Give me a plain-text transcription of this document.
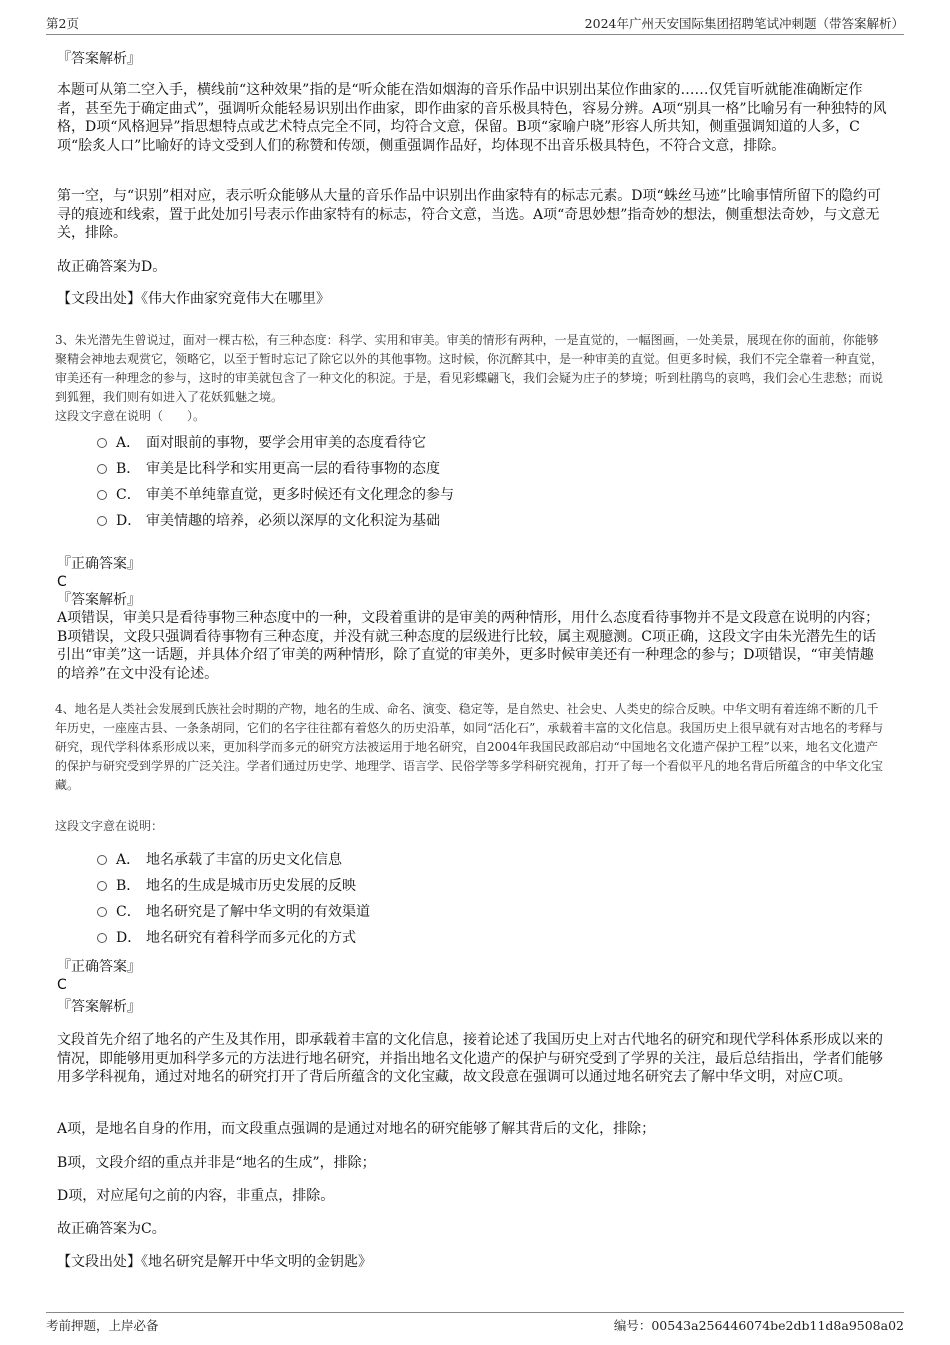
第2页	2024年广州天安国际集团招聘笔试冲刺题（带答案解析）

『答案解析』

本题可从第二空入手，横线前“这种效果”指的是“听众能在浩如烟海的音乐作品中识别出某位作曲家的……仅凭盲听就能准确断定作者，甚至先于确定曲式”，强调听众能轻易识别出作曲家，即作曲家的音乐极具特色，容易分辨。A项“别具一格”比喻另有一种独特的风格，D项“风格迥异”指思想特点或艺术特点完全不同，均符合文意，保留。B项“家喻户晓”形容人所共知，侧重强调知道的人多，C项“脍炙人口”比喻好的诗文受到人们的称赞和传颂，侧重强调作品好，均体现不出音乐极具特色，不符合文意，排除。

第一空，与“识别”相对应，表示听众能够从大量的音乐作品中识别出作曲家特有的标志元素。D项“蛛丝马迹”比喻事情所留下的隐约可寻的痕迹和线索，置于此处加引号表示作曲家特有的标志，符合文意，当选。A项“奇思妙想”指奇妙的想法，侧重想法奇妙，与文意无关，排除。

故正确答案为D。

【文段出处】《伟大作曲家究竟伟大在哪里》

3、朱光潜先生曾说过，面对一棵古松，有三种态度：科学、实用和审美。审美的情形有两种，一是直觉的，一幅图画，一处美景，展现在你的面前，你能够聚精会神地去观赏它，领略它，以至于暂时忘记了除它以外的其他事物。这时候，你沉醉其中，是一种审美的直觉。但更多时候，我们不完全靠着一种直觉，审美还有一种理念的参与，这时的审美就包含了一种文化的积淀。于是，看见彩蝶翩飞，我们会疑为庄子的梦境；听到杜鹃鸟的哀鸣，我们会心生悲愁；而说到狐狸，我们则有如进入了花妖狐魅之境。

这段文字意在说明（　　）。

A． 面对眼前的事物，要学会用审美的态度看待它
B． 审美是比科学和实用更高一层的看待事物的态度
C． 审美不单纯靠直觉，更多时候还有文化理念的参与
D． 审美情趣的培养，必须以深厚的文化积淀为基础

『正确答案』

C

『答案解析』

A项错误，审美只是看待事物三种态度中的一种，文段着重讲的是审美的两种情形，用什么态度看待事物并不是文段意在说明的内容；B项错误，文段只强调看待事物有三种态度，并没有就三种态度的层级进行比较，属主观臆测。C项正确，这段文字由朱光潜先生的话引出“审美”这一话题，并具体介绍了审美的两种情形，除了直觉的审美外，更多时候审美还有一种理念的参与；D项错误，“审美情趣的培养”在文中没有论述。

4、地名是人类社会发展到氏族社会时期的产物，地名的生成、命名、演变、稳定等，是自然史、社会史、人类史的综合反映。中华文明有着连绵不断的几千年历史，一座座古县、一条条胡同，它们的名字往往都有着悠久的历史沿革，如同“活化石”，承载着丰富的文化信息。我国历史上很早就有对古地名的考释与研究，现代学科体系形成以来，更加科学而多元的研究方法被运用于地名研究，自2004年我国民政部启动“中国地名文化遗产保护工程”以来，地名文化遗产的保护与研究受到学界的广泛关注。学者们通过历史学、地理学、语言学、民俗学等多学科研究视角，打开了每一个看似平凡的地名背后所蕴含的中华文化宝藏。

这段文字意在说明：

A． 地名承载了丰富的历史文化信息
B． 地名的生成是城市历史发展的反映
C． 地名研究是了解中华文明的有效渠道
D． 地名研究有着科学而多元化的方式

『正确答案』

C

『答案解析』

文段首先介绍了地名的产生及其作用，即承载着丰富的文化信息，接着论述了我国历史上对古代地名的研究和现代学科体系形成以来的情况，即能够用更加科学多元的方法进行地名研究，并指出地名文化遗产的保护与研究受到了学界的关注，最后总结指出，学者们能够用多学科视角，通过对地名的研究打开了背后所蕴含的文化宝藏，故文段意在强调可以通过地名研究去了解中华文明，对应C项。

A项，是地名自身的作用，而文段重点强调的是通过对地名的研究能够了解其背后的文化，排除；

B项，文段介绍的重点并非是“地名的生成”，排除；

D项，对应尾句之前的内容，非重点，排除。

故正确答案为C。

【文段出处】《地名研究是解开中华文明的金钥匙》

考前押题，上岸必备	编号：00543a256446074be2db11d8a9508a02
